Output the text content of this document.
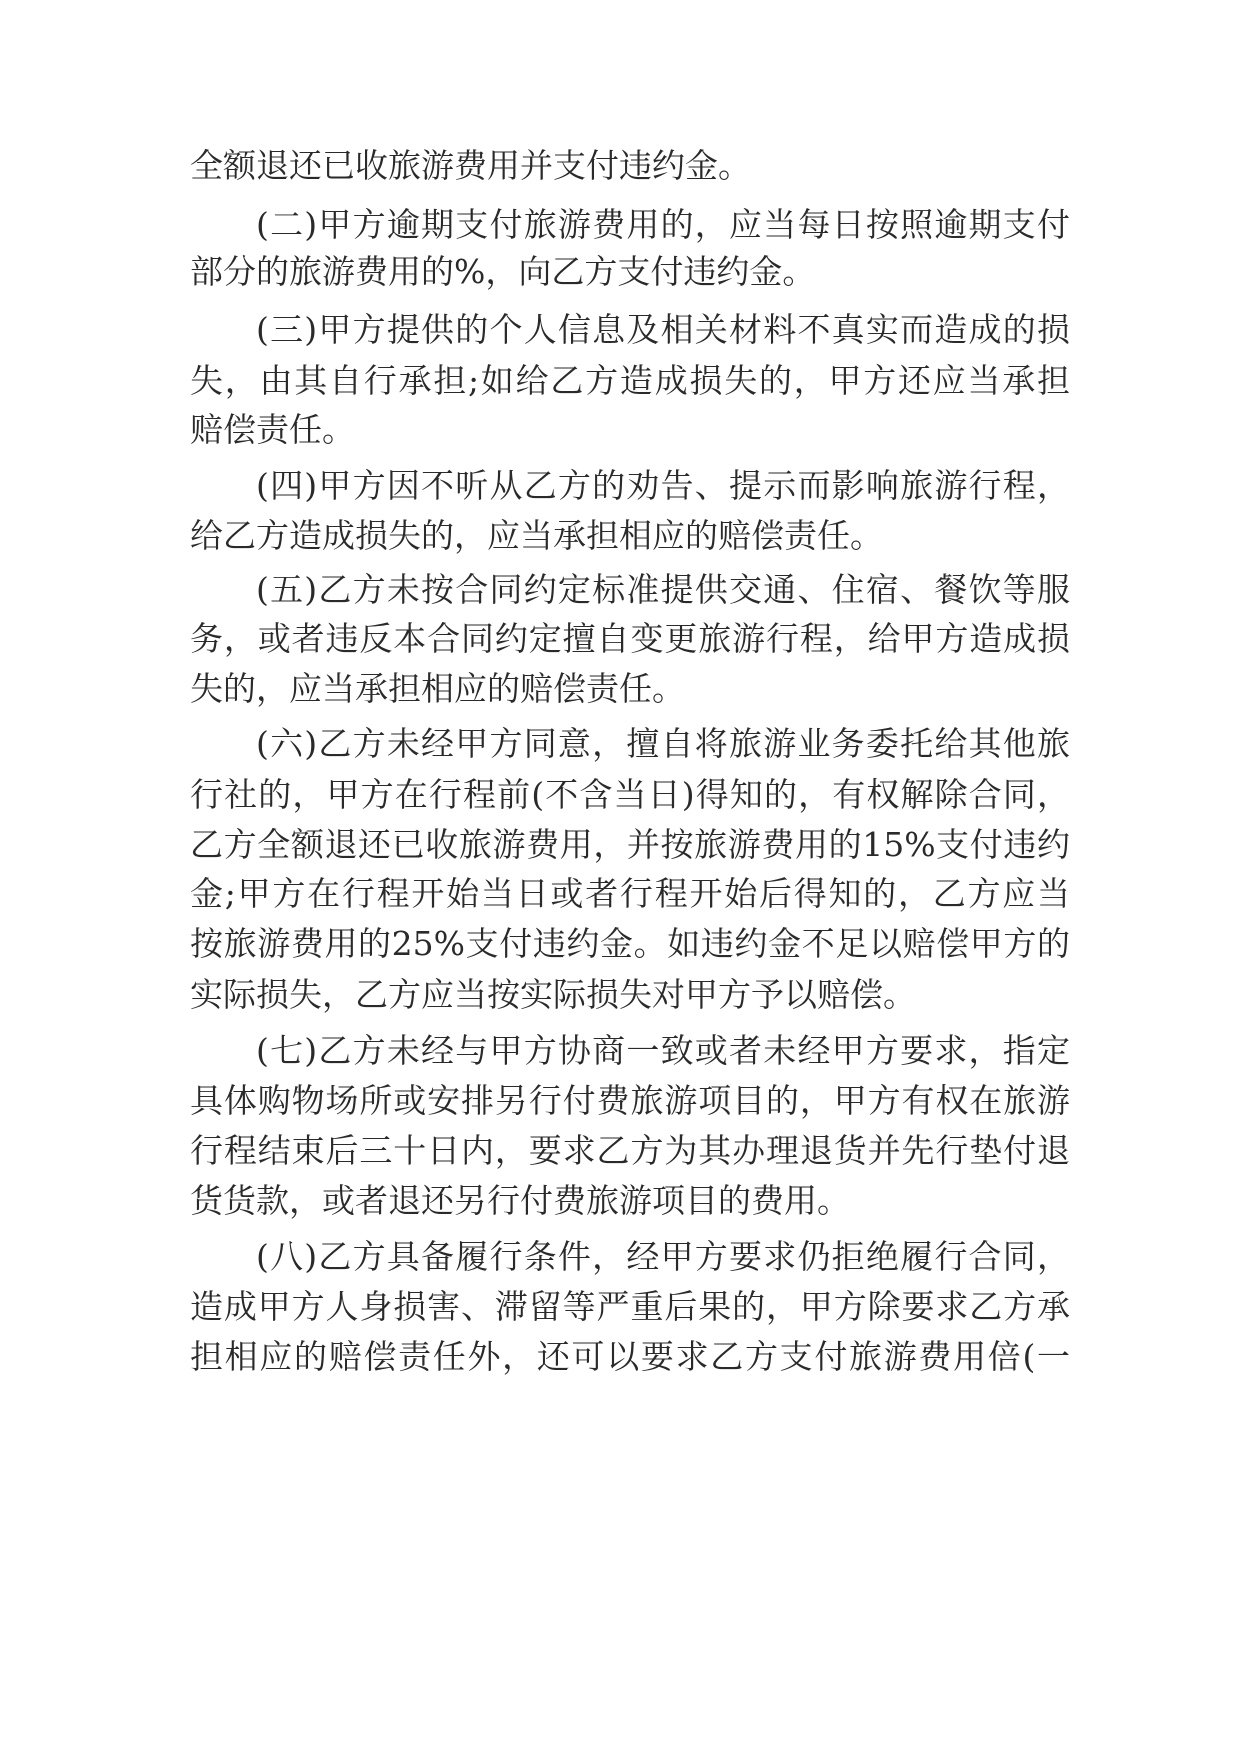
全额退还已收旅游费用并支付违约金。
(二)甲方逾期支付旅游费用的，应当每日按照逾期支付
部分的旅游费用的%，向乙方支付违约金。
(三)甲方提供的个人信息及相关材料不真实而造成的损
失，由其自行承担;如给乙方造成损失的，甲方还应当承担
赔偿责任。
(四)甲方因不听从乙方的劝告、提示而影响旅游行程，
给乙方造成损失的，应当承担相应的赔偿责任。
(五)乙方未按合同约定标准提供交通、住宿、餐饮等服
务，或者违反本合同约定擅自变更旅游行程，给甲方造成损
失的，应当承担相应的赔偿责任。
(六)乙方未经甲方同意，擅自将旅游业务委托给其他旅
行社的，甲方在行程前(不含当日)得知的，有权解除合同，
乙方全额退还已收旅游费用，并按旅游费用的15%支付违约
金;甲方在行程开始当日或者行程开始后得知的，乙方应当
按旅游费用的25%支付违约金。如违约金不足以赔偿甲方的
实际损失，乙方应当按实际损失对甲方予以赔偿。
(七)乙方未经与甲方协商一致或者未经甲方要求，指定
具体购物场所或安排另行付费旅游项目的，甲方有权在旅游
行程结束后三十日内，要求乙方为其办理退货并先行垫付退
货货款，或者退还另行付费旅游项目的费用。
(八)乙方具备履行条件，经甲方要求仍拒绝履行合同，
造成甲方人身损害、滞留等严重后果的，甲方除要求乙方承
担相应的赔偿责任外，还可以要求乙方支付旅游费用倍(一
